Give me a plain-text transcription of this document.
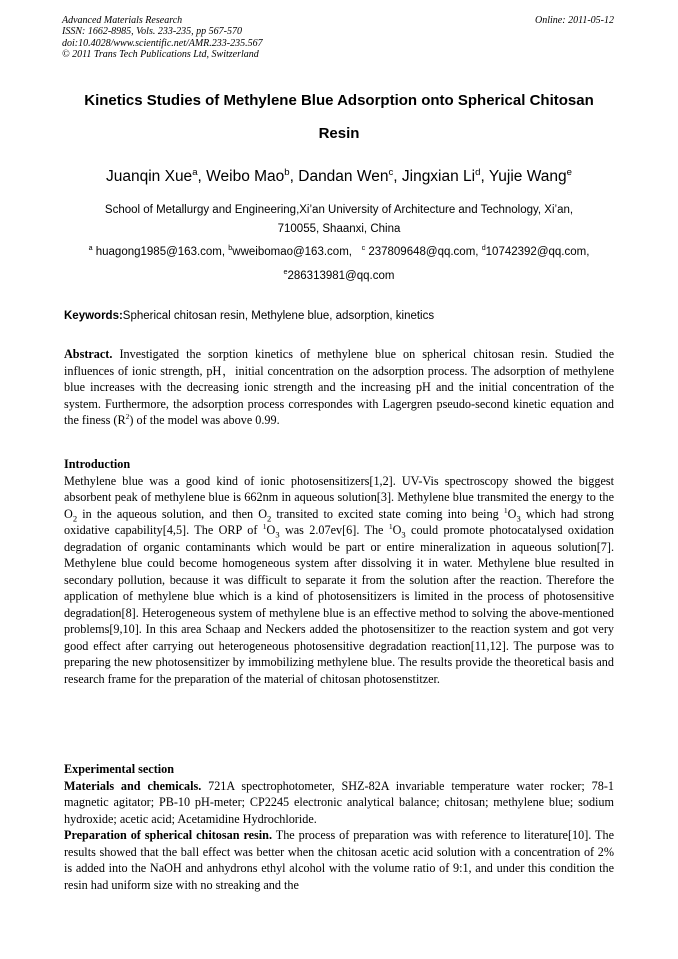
Advanced Materials Research
ISSN: 1662-8985, Vols. 233-235, pp 567-570
doi:10.4028/www.scientific.net/AMR.233-235.567
© 2011 Trans Tech Publications Ltd, Switzerland
Online: 2011-05-12
Kinetics Studies of Methylene Blue Adsorption onto Spherical Chitosan
Resin
Juanqin Xue$^a$, Weibo Mao$^b$, Dandan Wen$^c$, Jingxian Li$^d$, Yujie Wang$^e$
School of Metallurgy and Engineering,Xi’an University of Architecture and Technology, Xi’an,
710055, Shaanxi, China
$^a$ huagong1985@163.com, $^b$wweibomao@163.com, $^c$ 237809648@qq.com, $^d$10742392@qq.com,
$^e$286313981@qq.com
Keywords:Spherical chitosan resin, Methylene blue, adsorption, kinetics
Abstract. Investigated the sorption kinetics of methylene blue on spherical chitosan resin. Studied the influences of ionic strength, pH，initial concentration on the adsorption process. The adsorption of methylene blue increases with the decreasing ionic strength and the increasing pH and the initial concentration of the system. Furthermore, the adsorption process correspondes with Lagergren pseudo-second kinetic equation and the finess $(R^2)$ of the model was above 0.99.

Introduction

Methylene blue was a good kind of ionic photosensitizers[1,2]. UV-Vis spectroscopy showed the biggest absorbent peak of methylene blue is 662nm in aqueous solution[3]. Methylene blue transmited the energy to the $O_2$ in the aqueous solution, and then $O_2$ transited to excited state coming into being $^1O_3$ which had strong oxidative capability[4,5]. The ORP of $^1O_3$ was 2.07ev[6]. The $^1O_3$ could promote photocatalysed oxidation degradation of organic contaminants which would be part or entire mineralization in aqueous solution[7]. Methylene blue could become homogeneous system after dissolving it in water. Methylene blue resulted in secondary pollution, because it was difficult to separate it from the solution after the reaction. Therefore the application of methylene blue which is a kind of photosensitizers is limited in the process of photosensitive degradation[8]. Heterogeneous system of methylene blue is an effective method to solving the above-mentioned problems[9,10]. In this area Schaap and Neckers added the photosensitizer to the reaction system and got very good effect after carrying out heterogeneous photosensitive degradation reaction[11,12]. The purpose was to preparing the new photosensitizer by immobilizing methylene blue. The results provide the theoretical basis and research frame for the preparation of the material of chitosan photosenstitzer.

Experimental section

Materials and chemicals. 721A spectrophotometer, SHZ-82A invariable temperature water rocker; 78-1 magnetic agitator; PB-10 pH-meter; CP2245 electronic analytical balance; chitosan; methylene blue; sodium hydroxide; acetic acid; Acetamidine Hydrochloride.

Preparation of spherical chitosan resin. The process of preparation was with reference to literature[10]. The results showed that the ball effect was better when the chitosan acetic acid solution with a concentration of 2% is added into the NaOH and anhydrons ethyl alcohol with the volume ratio of 9:1, and under this condition the resin had uniform size with no streaking and the
